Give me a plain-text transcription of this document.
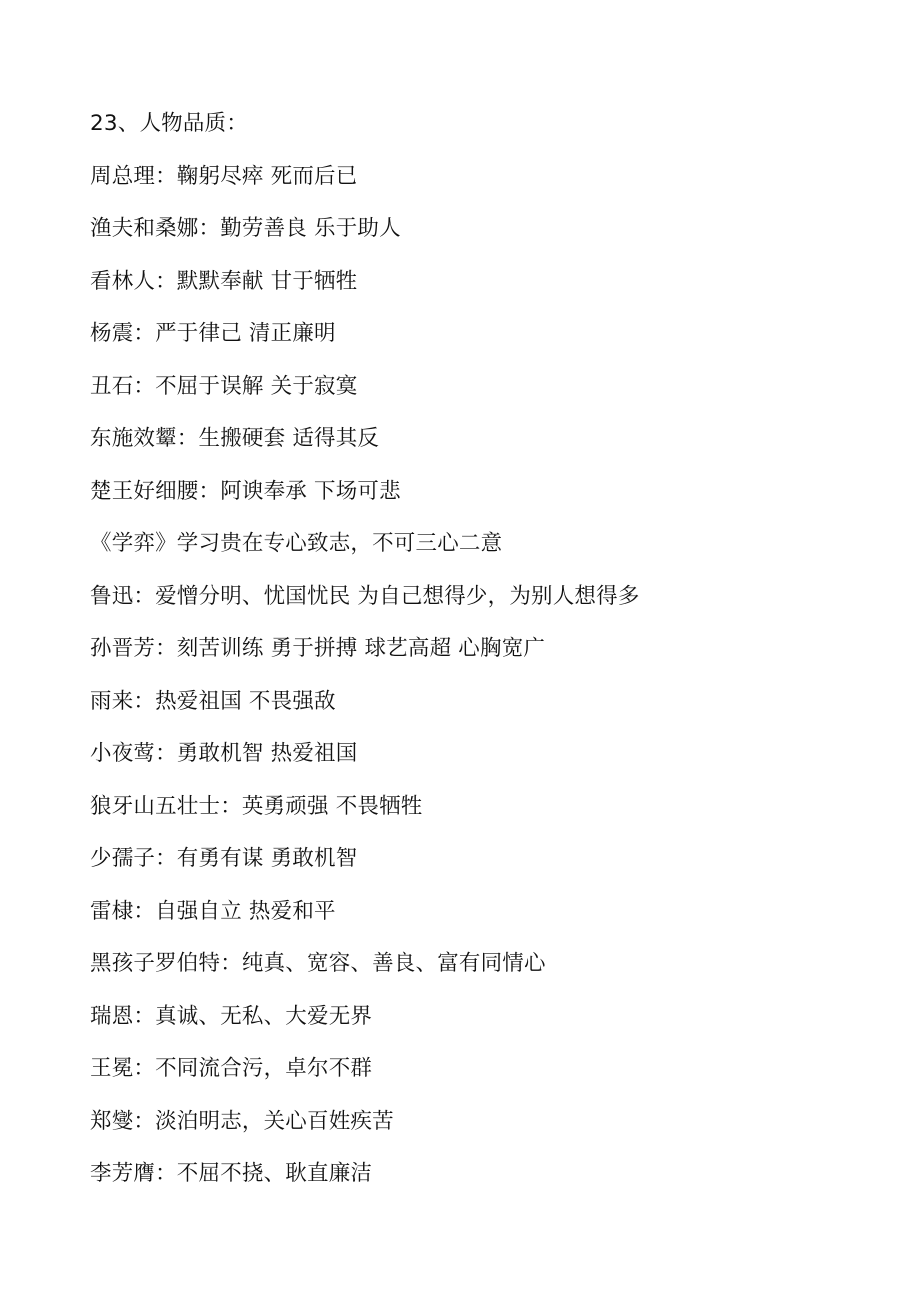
23、人物品质：
周总理：鞠躬尽瘁 死而后已
渔夫和桑娜：勤劳善良 乐于助人
看林人：默默奉献 甘于牺牲
杨震：严于律己 清正廉明
丑石：不屈于误解 关于寂寞
东施效颦：生搬硬套 适得其反
楚王好细腰：阿谀奉承 下场可悲
《学弈》学习贵在专心致志，不可三心二意
鲁迅：爱憎分明、忧国忧民 为自己想得少，为别人想得多
孙晋芳：刻苦训练 勇于拼搏 球艺高超 心胸宽广
雨来：热爱祖国 不畏强敌
小夜莺：勇敢机智 热爱祖国
狼牙山五壮士：英勇顽强 不畏牺牲
少孺子：有勇有谋 勇敢机智
雷棣：自强自立 热爱和平
黑孩子罗伯特：纯真、宽容、善良、富有同情心
瑞恩：真诚、无私、大爱无界
王冕：不同流合污，卓尔不群
郑燮：淡泊明志，关心百姓疾苦
李芳膺：不屈不挠、耿直廉洁
